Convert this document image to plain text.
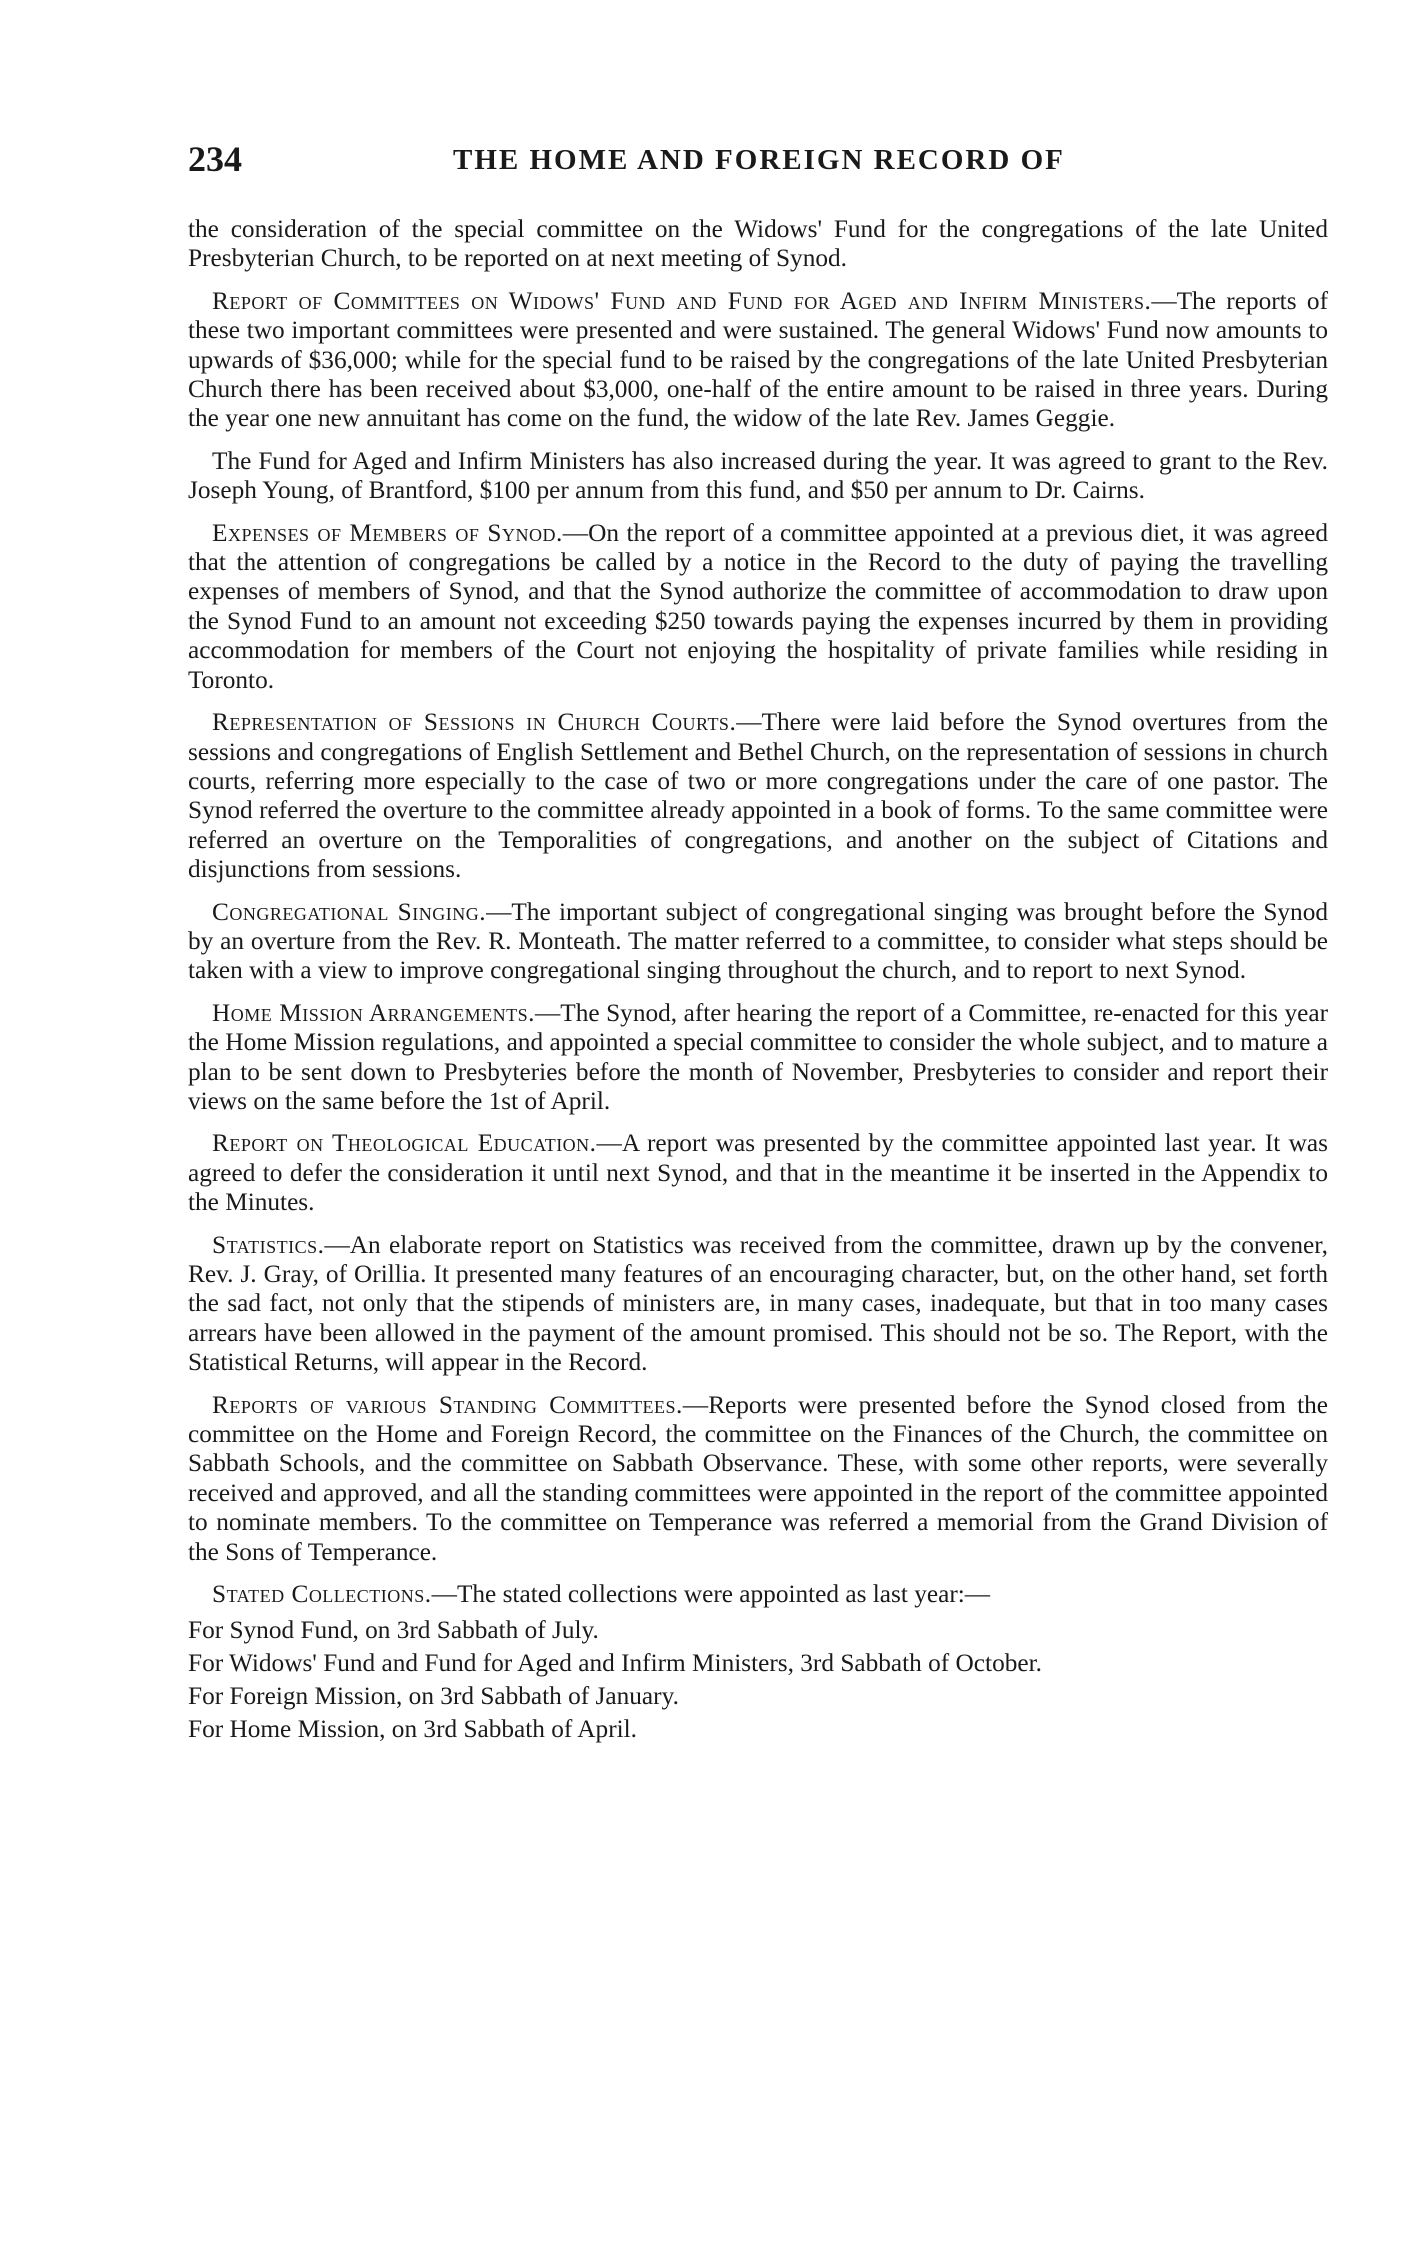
234	THE HOME AND FOREIGN RECORD OF

the consideration of the special committee on the Widows' Fund for the congregations of the late United Presbyterian Church, to be reported on at next meeting of Synod.

Report of Committees on Widows' Fund and Fund for Aged and Infirm Ministers.—The reports of these two important committees were presented and were sustained. The general Widows' Fund now amounts to upwards of $36,000; while for the special fund to be raised by the congregations of the late United Presbyterian Church there has been received about $3,000, one-half of the entire amount to be raised in three years. During the year one new annuitant has come on the fund, the widow of the late Rev. James Geggie.

The Fund for Aged and Infirm Ministers has also increased during the year. It was agreed to grant to the Rev. Joseph Young, of Brantford, $100 per annum from this fund, and $50 per annum to Dr. Cairns.

Expenses of Members of Synod.—On the report of a committee appointed at a previous diet, it was agreed that the attention of congregations be called by a notice in the Record to the duty of paying the travelling expenses of members of Synod, and that the Synod authorize the committee of accommodation to draw upon the Synod Fund to an amount not exceeding $250 towards paying the expenses incurred by them in providing accommodation for members of the Court not enjoying the hospitality of private families while residing in Toronto.

Representation of Sessions in Church Courts.—There were laid before the Synod overtures from the sessions and congregations of English Settlement and Bethel Church, on the representation of sessions in church courts, referring more especially to the case of two or more congregations under the care of one pastor. The Synod referred the overture to the committee already appointed in a book of forms. To the same committee were referred an overture on the Temporalities of congregations, and another on the subject of Citations and disjunctions from sessions.

Congregational Singing.—The important subject of congregational singing was brought before the Synod by an overture from the Rev. R. Monteath. The matter referred to a committee, to consider what steps should be taken with a view to improve congregational singing throughout the church, and to report to next Synod.

Home Mission Arrangements.—The Synod, after hearing the report of a Committee, re-enacted for this year the Home Mission regulations, and appointed a special committee to consider the whole subject, and to mature a plan to be sent down to Presbyteries before the month of November, Presbyteries to consider and report their views on the same before the 1st of April.

Report on Theological Education.—A report was presented by the committee appointed last year. It was agreed to defer the consideration it until next Synod, and that in the meantime it be inserted in the Appendix to the Minutes.

Statistics.—An elaborate report on Statistics was received from the committee, drawn up by the convener, Rev. J. Gray, of Orillia. It presented many features of an encouraging character, but, on the other hand, set forth the sad fact, not only that the stipends of ministers are, in many cases, inadequate, but that in too many cases arrears have been allowed in the payment of the amount promised. This should not be so. The Report, with the Statistical Returns, will appear in the Record.

Reports of various Standing Committees.—Reports were presented before the Synod closed from the committee on the Home and Foreign Record, the committee on the Finances of the Church, the committee on Sabbath Schools, and the committee on Sabbath Observance. These, with some other reports, were severally received and approved, and all the standing committees were appointed in the report of the committee appointed to nominate members. To the committee on Temperance was referred a memorial from the Grand Division of the Sons of Temperance.

Stated Collections.—The stated collections were appointed as last year:—

For Synod Fund, on 3rd Sabbath of July.

For Widows' Fund and Fund for Aged and Infirm Ministers, 3rd Sabbath of October.

For Foreign Mission, on 3rd Sabbath of January.

For Home Mission, on 3rd Sabbath of April.
